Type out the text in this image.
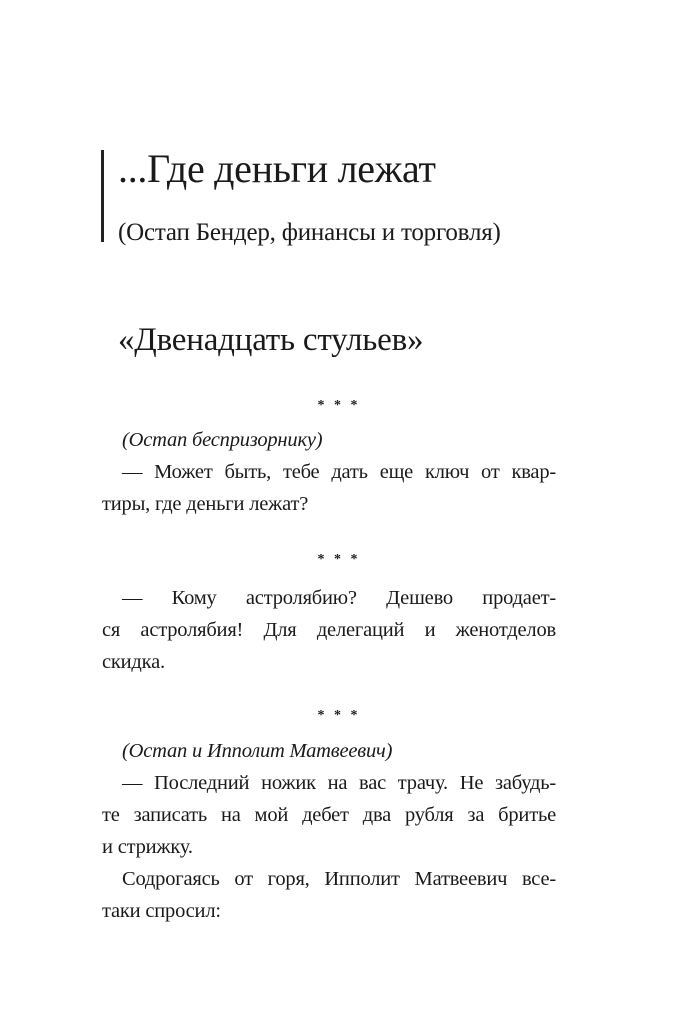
...Где деньги лежат
(Остап Бендер, финансы и торговля)
«Двенадцать стульев»
* * *
(Остап беспризорнику)
— Может быть, тебе дать еще ключ от квар-
тиры, где деньги лежат?
* * *
— Кому астролябию? Дешево продает-
ся астролябия! Для делегаций и женотделов
скидка.
* * *
(Остап и Ипполит Матвеевич)
— Последний ножик на вас трачу. Не забудь-
те записать на мой дебет два рубля за бритье
и стрижку.
Содрогаясь от горя, Ипполит Матвеевич все-
таки спросил:
